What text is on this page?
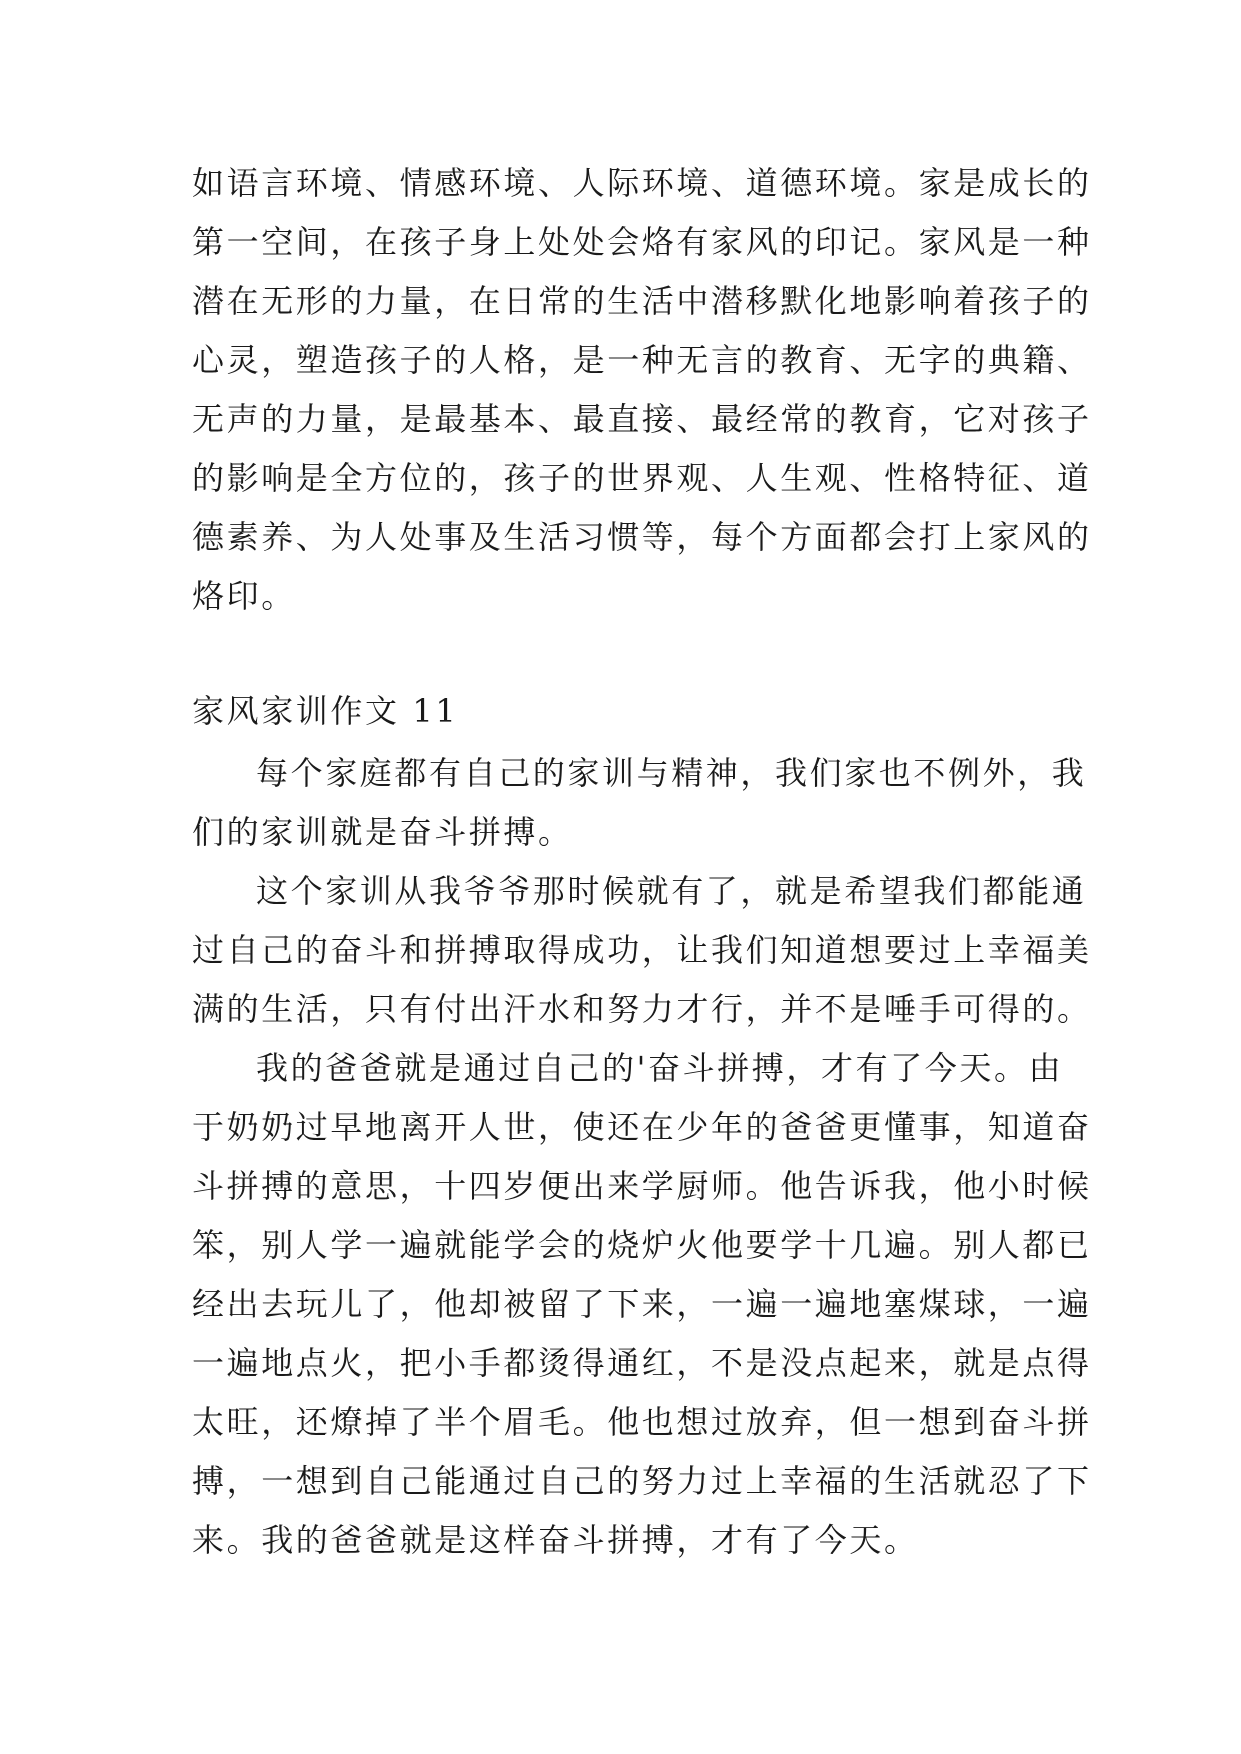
如语言环境、情感环境、人际环境、道德环境。家是成长的
第一空间，在孩子身上处处会烙有家风的印记。家风是一种
潜在无形的力量，在日常的生活中潜移默化地影响着孩子的
心灵，塑造孩子的人格，是一种无言的教育、无字的典籍、
无声的力量，是最基本、最直接、最经常的教育，它对孩子
的影响是全方位的，孩子的世界观、人生观、性格特征、道
德素养、为人处事及生活习惯等，每个方面都会打上家风的
烙印。
家风家训作文 11
每个家庭都有自己的家训与精神，我们家也不例外，我
们的家训就是奋斗拼搏。
这个家训从我爷爷那时候就有了，就是希望我们都能通
过自己的奋斗和拼搏取得成功，让我们知道想要过上幸福美
满的生活，只有付出汗水和努力才行，并不是唾手可得的。
我的爸爸就是通过自己的'奋斗拼搏，才有了今天。由
于奶奶过早地离开人世，使还在少年的爸爸更懂事，知道奋
斗拼搏的意思，十四岁便出来学厨师。他告诉我，他小时候
笨，别人学一遍就能学会的烧炉火他要学十几遍。别人都已
经出去玩儿了，他却被留了下来，一遍一遍地塞煤球，一遍
一遍地点火，把小手都烫得通红，不是没点起来，就是点得
太旺，还燎掉了半个眉毛。他也想过放弃，但一想到奋斗拼
搏，一想到自己能通过自己的努力过上幸福的生活就忍了下
来。我的爸爸就是这样奋斗拼搏，才有了今天。
